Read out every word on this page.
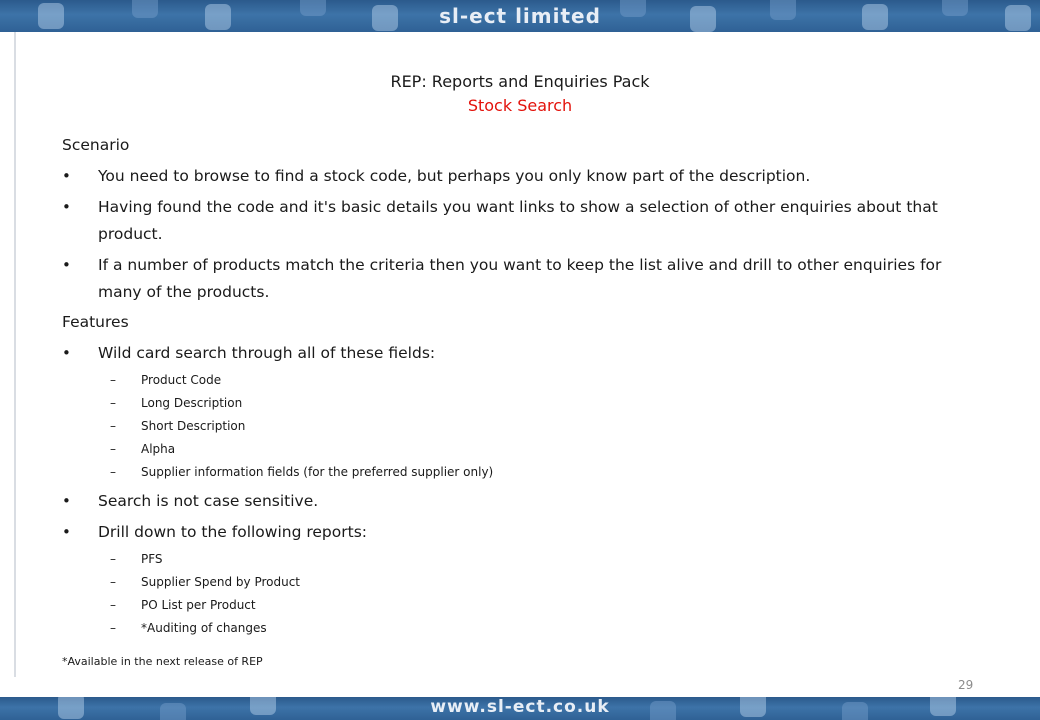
sl-ect limited
REP: Reports and Enquiries Pack
Stock Search
Scenario
• You need to browse to find a stock code, but perhaps you only know part of the description.
• Having found the code and it's basic details you want links to show a selection of other enquiries about that product.
• If a number of products match the criteria then you want to keep the list alive and drill to other enquiries for many of the products.
Features
• Wild card search through all of these fields:
– Product Code
– Long Description
– Short Description
– Alpha
– Supplier information fields (for the preferred supplier only)
• Search is not case sensitive.
• Drill down to the following reports:
– PFS
– Supplier Spend by Product
– PO List per Product
– *Auditing of changes
*Available in the next release of REP
29
www.sl-ect.co.uk
